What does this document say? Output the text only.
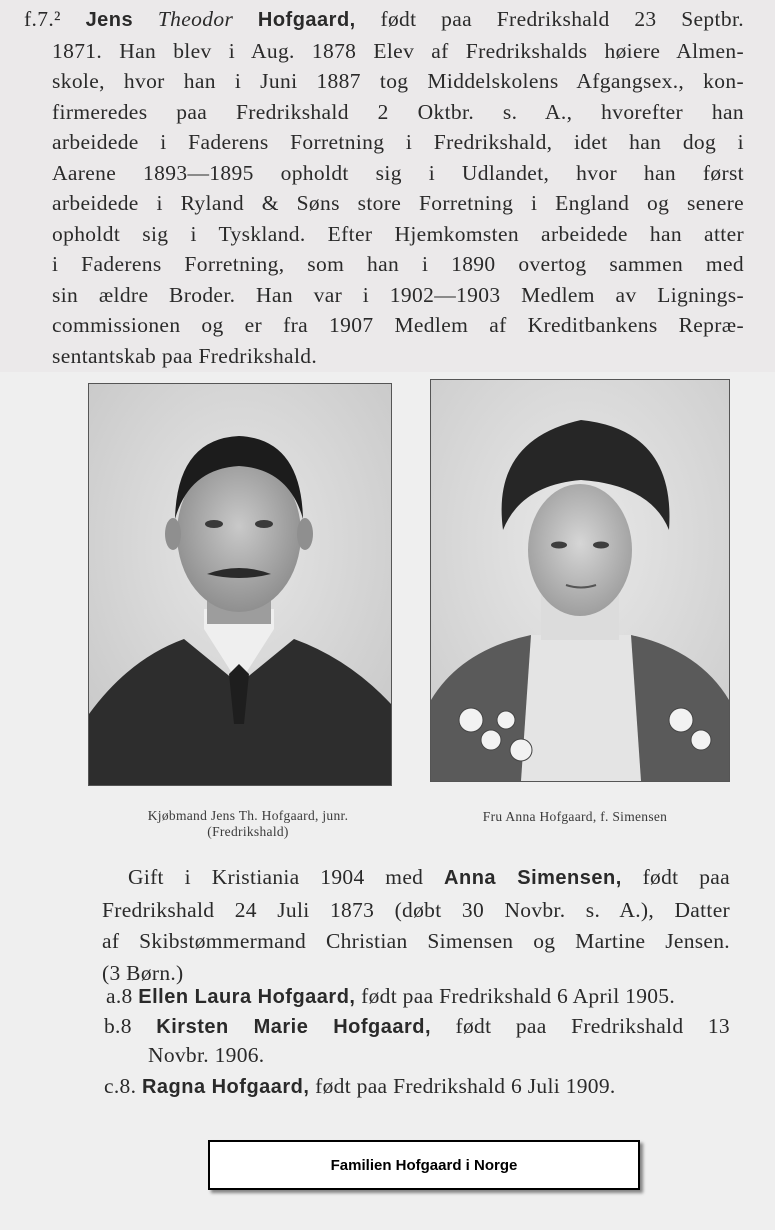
f.7.² Jens Theodor Hofgaard, født paa Fredrikshald 23 Septbr.
1871. Han blev i Aug. 1878 Elev af Fredrikshalds høiere Almen-
skole, hvor han i Juni 1887 tog Middelskolens Afgangsex., kon-
firmeredes paa Fredrikshald 2 Oktbr. s. A., hvorefter han
arbeidede i Faderens Forretning i Fredrikshald, idet han dog i
Aarene 1893—1895 opholdt sig i Udlandet, hvor han først
arbeidede i Ryland & Søns store Forretning i England og senere
opholdt sig i Tyskland. Efter Hjemkomsten arbeidede han atter
i Faderens Forretning, som han i 1890 overtog sammen med
sin ældre Broder. Han var i 1902—1903 Medlem av Lignings-
commissionen og er fra 1907 Medlem af Kreditbankens Repræ-
sentantskab paa Fredrikshald.
Kjøbmand Jens Th. Hofgaard, junr.
(Fredrikshald)
Fru Anna Hofgaard, f. Simensen
Gift i Kristiania 1904 med Anna Simensen, født paa
Fredrikshald 24 Juli 1873 (døbt 30 Novbr. s. A.), Datter
af Skibstømmermand Christian Simensen og Martine Jensen.
(3 Børn.)
a.8 Ellen Laura Hofgaard, født paa Fredrikshald 6 April 1905.
b.8 Kirsten Marie Hofgaard, født paa Fredrikshald 13
Novbr. 1906.
c.8. Ragna Hofgaard, født paa Fredrikshald 6 Juli 1909.
Familien Hofgaard i Norge
